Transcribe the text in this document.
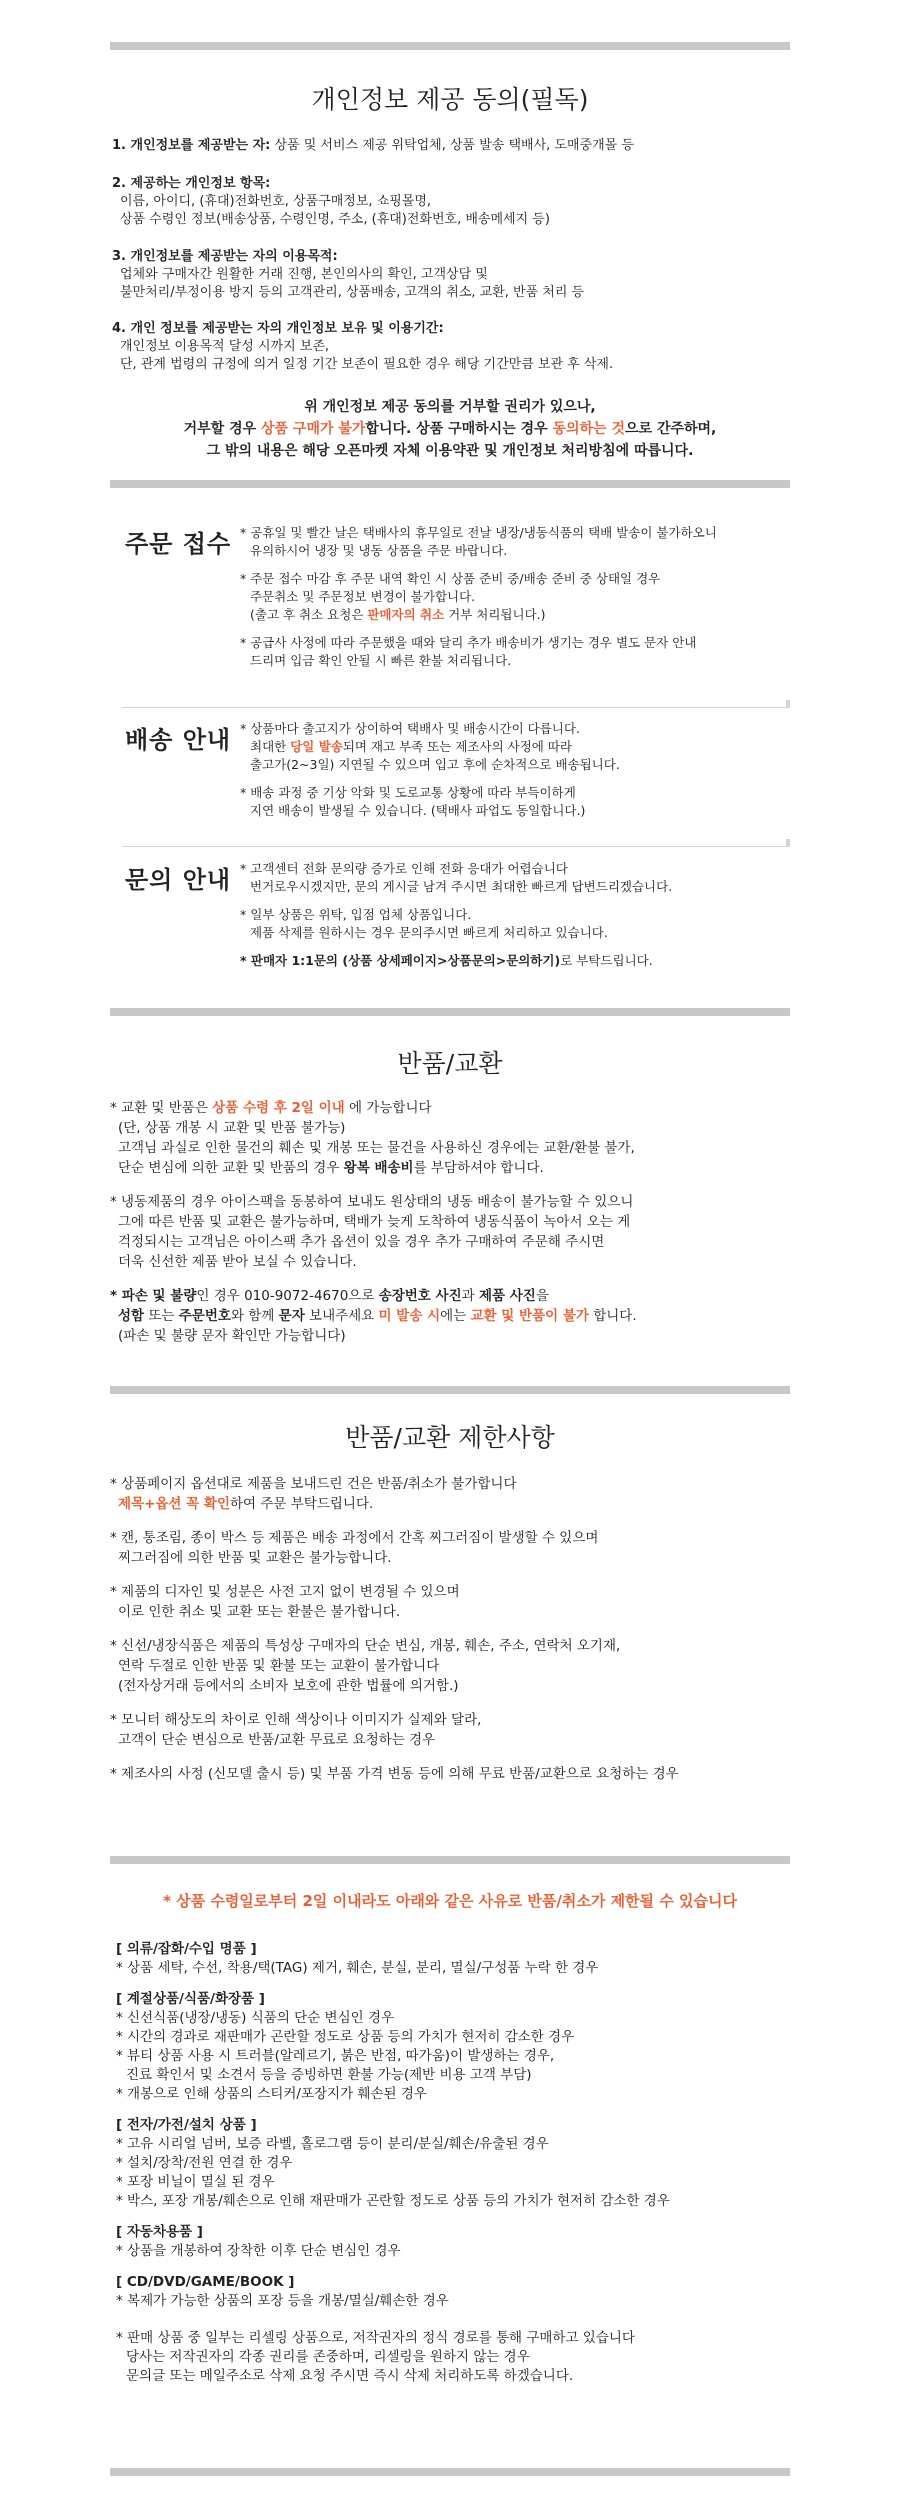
개인정보 제공 동의(필독)
1. 개인정보를 제공받는 자: 상품 및 서비스 제공 위탁업체, 상품 발송 택배사, 도매중개몰 등
2. 제공하는 개인정보 항목:
이름, 아이디, (휴대)전화번호, 상품구매정보, 쇼핑몰명,
상품 수령인 정보(배송상품, 수령인명, 주소, (휴대)전화번호, 배송메세지 등)
3. 개인정보를 제공받는 자의 이용목적:
업체와 구매자간 원활한 거래 진행, 본인의사의 확인, 고객상담 및
불만처리/부정이용 방지 등의 고객관리, 상품배송, 고객의 취소, 교환, 반품 처리 등
4. 개인 정보를 제공받는 자의 개인정보 보유 및 이용기간:
개인정보 이용목적 달성 시까지 보존,
단, 관계 법령의 규정에 의거 일정 기간 보존이 필요한 경우 해당 기간만큼 보관 후 삭제.
위 개인정보 제공 동의를 거부할 권리가 있으나,
거부할 경우 상품 구매가 불가합니다. 상품 구매하시는 경우 동의하는 것으로 간주하며,
그 밖의 내용은 해당 오픈마켓 자체 이용약관 및 개인정보 처리방침에 따릅니다.
주문 접수 * 공휴일 및 빨간 날은 택배사의 휴무일로 전날 냉장/냉동식품의 택배 발송이 불가하오니
유의하시어 냉장 및 냉동 상품을 주문 바랍니다.

* 주문 접수 마감 후 주문 내역 확인 시 상품 준비 중/배송 준비 중 상태일 경우
주문취소 및 주문정보 변경이 불가합니다.
(출고 후 취소 요청은 판매자의 취소 거부 처리됩니다.)

* 공급사 사정에 따라 주문했을 때와 달리 추가 배송비가 생기는 경우 별도 문자 안내
드리며 입금 확인 안될 시 빠른 환불 처리됩니다.

배송 안내 * 상품마다 출고지가 상이하여 택배사 및 배송시간이 다릅니다.
최대한 당일 발송되며 재고 부족 또는 제조사의 사정에 따라
출고가(2~3일) 지연될 수 있으며 입고 후에 순차적으로 배송됩니다.

* 배송 과정 중 기상 악화 및 도로교통 상황에 따라 부득이하게
지연 배송이 발생될 수 있습니다. (택배사 파업도 동일합니다.)

문의 안내 * 고객센터 전화 문의량 증가로 인해 전화 응대가 어렵습니다
번거로우시겠지만, 문의 게시글 남겨 주시면 최대한 빠르게 답변드리겠습니다.

* 일부 상품은 위탁, 입점 업체 상품입니다.
제품 삭제를 원하시는 경우 문의주시면 빠르게 처리하고 있습니다.

* 판매자 1:1문의 (상품 상세페이지>상품문의>문의하기)로 부탁드립니다.

반품/교환

* 교환 및 반품은 상품 수령 후 2일 이내 에 가능합니다
(단, 상품 개봉 시 교환 및 반품 불가능)
고객님 과실로 인한 물건의 훼손 및 개봉 또는 물건을 사용하신 경우에는 교환/환불 불가,
단순 변심에 의한 교환 및 반품의 경우 왕복 배송비를 부담하셔야 합니다.

* 냉동제품의 경우 아이스팩을 동봉하여 보내도 원상태의 냉동 배송이 불가능할 수 있으니
그에 따른 반품 및 교환은 불가능하며, 택배가 늦게 도착하여 냉동식품이 녹아서 오는 게
걱정되시는 고객님은 아이스팩 추가 옵션이 있을 경우 추가 구매하여 주문해 주시면
더욱 신선한 제품 받아 보실 수 있습니다.

* 파손 및 불량인 경우 010-9072-4670으로 송장번호 사진과 제품 사진을
성함 또는 주문번호와 함께 문자 보내주세요 미 발송 시에는 교환 및 반품이 불가 합니다.
(파손 및 불량 문자 확인만 가능합니다)

반품/교환 제한사항

* 상품페이지 옵션대로 제품을 보내드린 건은 반품/취소가 불가합니다
제목+옵션 꼭 확인하여 주문 부탁드립니다.

* 캔, 통조림, 종이 박스 등 제품은 배송 과정에서 간혹 찌그러짐이 발생할 수 있으며
찌그러짐에 의한 반품 및 교환은 불가능합니다.

* 제품의 디자인 및 성분은 사전 고지 없이 변경될 수 있으며
이로 인한 취소 및 교환 또는 환불은 불가합니다.

* 신선/냉장식품은 제품의 특성상 구매자의 단순 변심, 개봉, 훼손, 주소, 연락처 오기재,
연락 두절로 인한 반품 및 환불 또는 교환이 불가합니다
(전자상거래 등에서의 소비자 보호에 관한 법률에 의거함.)

* 모니터 해상도의 차이로 인해 색상이나 이미지가 실제와 달라,
고객이 단순 변심으로 반품/교환 무료로 요청하는 경우

* 제조사의 사정 (신모델 출시 등) 및 부품 가격 변동 등에 의해 무료 반품/교환으로 요청하는 경우

* 상품 수령일로부터 2일 이내라도 아래와 같은 사유로 반품/취소가 제한될 수 있습니다

[ 의류/잡화/수입 명품 ]

* 상품 세탁, 수선, 착용/택(TAG) 제거, 훼손, 분실, 분리, 멸실/구성품 누락 한 경우

[ 계절상품/식품/화장품 ]

* 신선식품(냉장/냉동) 식품의 단순 변심인 경우

* 시간의 경과로 재판매가 곤란할 정도로 상품 등의 가치가 현저히 감소한 경우

* 뷰티 상품 사용 시 트러블(알레르기, 붉은 반점, 따가움)이 발생하는 경우,

진료 확인서 및 소견서 등을 증빙하면 환불 가능(제반 비용 고객 부담)

* 개봉으로 인해 상품의 스티커/포장지가 훼손된 경우

[ 전자/가전/설치 상품 ]

* 고유 시리얼 넘버, 보증 라벨, 홀로그램 등이 분리/분실/훼손/유출된 경우

* 설치/장착/전원 연결 한 경우

* 포장 비닐이 멸실 된 경우

* 박스, 포장 개봉/훼손으로 인해 재판매가 곤란할 정도로 상품 등의 가치가 현저히 감소한 경우

[ 자동차용품 ]

* 상품을 개봉하여 장착한 이후 단순 변심인 경우

[ CD/DVD/GAME/BOOK ]

* 복제가 가능한 상품의 포장 등을 개봉/멸실/훼손한 경우

* 판매 상품 중 일부는 리셀링 상품으로, 저작권자의 정식 경로를 통해 구매하고 있습니다

당사는 저작권자의 각종 권리를 존중하며, 리셀링을 원하지 않는 경우

문의글 또는 메일주소로 삭제 요청 주시면 즉시 삭제 처리하도록 하겠습니다.
